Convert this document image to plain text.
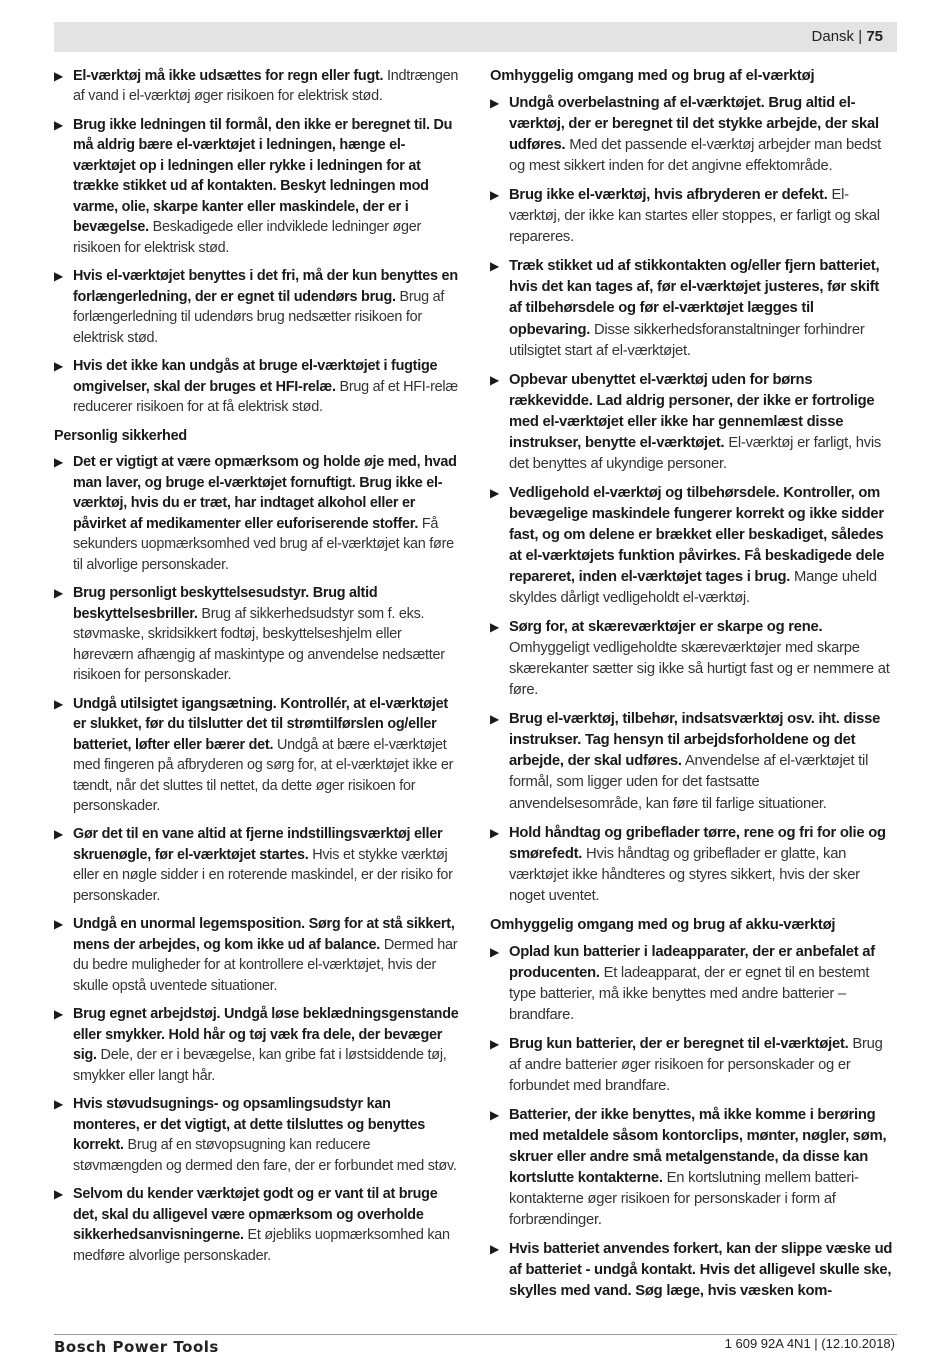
Dansk | 75
▶ El-værktøj må ikke udsættes for regn eller fugt. Indtrængen af vand i el-værktøj øger risikoen for elektrisk stød.
▶ Brug ikke ledningen til formål, den ikke er beregnet til. Du må aldrig bære el-værktøjet i ledningen, hænge el-værktøjet op i ledningen eller rykke i ledningen for at trække stikket ud af kontakten. Beskyt ledningen mod varme, olie, skarpe kanter eller maskindele, der er i bevægelse. Beskadigede eller indviklede ledninger øger risikoen for elektrisk stød.
▶ Hvis el-værktøjet benyttes i det fri, må der kun benyttes en forlængerledning, der er egnet til udendørs brug. Brug af forlængerledning til udendørs brug nedsætter risikoen for elektrisk stød.
▶ Hvis det ikke kan undgås at bruge el-værktøjet i fugtige omgivelser, skal der bruges et HFI-relæ. Brug af et HFI-relæ reducerer risikoen for at få elektrisk stød.
Personlig sikkerhed
▶ Det er vigtigt at være opmærksom og holde øje med, hvad man laver, og bruge el-værktøjet fornuftigt. Brug ikke el-værktøj, hvis du er træt, har indtaget alkohol eller er påvirket af medikamenter eller euforiserende stoffer. Få sekunders uopmærksomhed ved brug af el-værktøjet kan føre til alvorlige personskader.
▶ Brug personligt beskyttelsesudstyr. Brug altid beskyttelsesbriller. Brug af sikkerhedsudstyr som f. eks. støvmaske, skridsikkert fodtøj, beskyttelseshjelm eller høreværn afhængig af maskintype og anvendelse nedsætter risikoen for personskader.
▶ Undgå utilsigtet igangsætning. Kontrollér, at el-værktøjet er slukket, før du tilslutter det til strømtilførslen og/eller batteriet, løfter eller bærer det. Undgå at bære el-værktøjet med fingeren på afbryderen og sørg for, at el-værktøjet ikke er tændt, når det sluttes til nettet, da dette øger risikoen for personskader.
▶ Gør det til en vane altid at fjerne indstillingsværktøj eller skruenøgle, før el-værktøjet startes. Hvis et stykke værktøj eller en nøgle sidder i en roterende maskindel, er der risiko for personskader.
▶ Undgå en unormal legemsposition. Sørg for at stå sikkert, mens der arbejdes, og kom ikke ud af balance. Dermed har du bedre muligheder for at kontrollere el-værktøjet, hvis der skulle opstå uventede situationer.
▶ Brug egnet arbejdstøj. Undgå løse beklædningsgenstande eller smykker. Hold hår og tøj væk fra dele, der bevæger sig. Dele, der er i bevægelse, kan gribe fat i løstsiddende tøj, smykker eller langt hår.
▶ Hvis støvudsugnings- og opsamlingsudstyr kan monteres, er det vigtigt, at dette tilsluttes og benyttes korrekt. Brug af en støvopsugning kan reducere støvmængden og dermed den fare, der er forbundet med støv.
▶ Selvom du kender værktøjet godt og er vant til at bruge det, skal du alligevel være opmærksom og overholde sikkerhedsanvisningerne. Et øjebliks uopmærksomhed kan medføre alvorlige personskader.
Omhyggelig omgang med og brug af el-værktøj
▶ Undgå overbelastning af el-værktøjet. Brug altid el-værktøj, der er beregnet til det stykke arbejde, der skal udføres. Med det passende el-værktøj arbejder man bedst og mest sikkert inden for det angivne effektområde.
▶ Brug ikke el-værktøj, hvis afbryderen er defekt. El-værktøj, der ikke kan startes eller stoppes, er farligt og skal repareres.
▶ Træk stikket ud af stikkontakten og/eller fjern batteriet, hvis det kan tages af, før el-værktøjet justeres, før skift af tilbehørsdele og før el-værktøjet lægges til opbevaring. Disse sikkerhedsforanstaltninger forhindrer utilsigtet start af el-værktøjet.
▶ Opbevar ubenyttet el-værktøj uden for børns rækkevidde. Lad aldrig personer, der ikke er fortrolige med el-værktøjet eller ikke har gennemlæst disse instrukser, benytte el-værktøjet. El-værktøj er farligt, hvis det benyttes af ukyndige personer.
▶ Vedligehold el-værktøj og tilbehørsdele. Kontroller, om bevægelige maskindele fungerer korrekt og ikke sidder fast, og om delene er brækket eller beskadiget, således at el-værktøjets funktion påvirkes. Få beskadigede dele repareret, inden el-værktøjet tages i brug. Mange uheld skyldes dårligt vedligeholdt el-værktøj.
▶ Sørg for, at skæreværktøjer er skarpe og rene. Omhyggeligt vedligeholdte skæreværktøjer med skarpe skærekanter sætter sig ikke så hurtigt fast og er nemmere at føre.
▶ Brug el-værktøj, tilbehør, indsatsværktøj osv. iht. disse instrukser. Tag hensyn til arbejdsforholdene og det arbejde, der skal udføres. Anvendelse af el-værktøjet til formål, som ligger uden for det fastsatte anvendelsesområde, kan føre til farlige situationer.
▶ Hold håndtag og gribeflader tørre, rene og fri for olie og smørefedt. Hvis håndtag og gribeflader er glatte, kan værktøjet ikke håndteres og styres sikkert, hvis der sker noget uventet.
Omhyggelig omgang med og brug af akku-værktøj
▶ Oplad kun batterier i ladeapparater, der er anbefalet af producenten. Et ladeapparat, der er egnet til en bestemt type batterier, må ikke benyttes med andre batterier – brandfare.
▶ Brug kun batterier, der er beregnet til el-værktøjet. Brug af andre batterier øger risikoen for personskader og er forbundet med brandfare.
▶ Batterier, der ikke benyttes, må ikke komme i berøring med metaldele såsom kontorclips, mønter, nøgler, søm, skruer eller andre små metalgenstande, da disse kan kortslutte kontakterne. En kortslutning mellem batteri-kontakterne øger risikoen for personskader i form af forbrændinger.
▶ Hvis batteriet anvendes forkert, kan der slippe væske ud af batteriet - undgå kontakt. Hvis det alligevel skulle ske, skylles med vand. Søg læge, hvis væsken kom-
Bosch Power Tools	1 609 92A 4N1 | (12.10.2018)
